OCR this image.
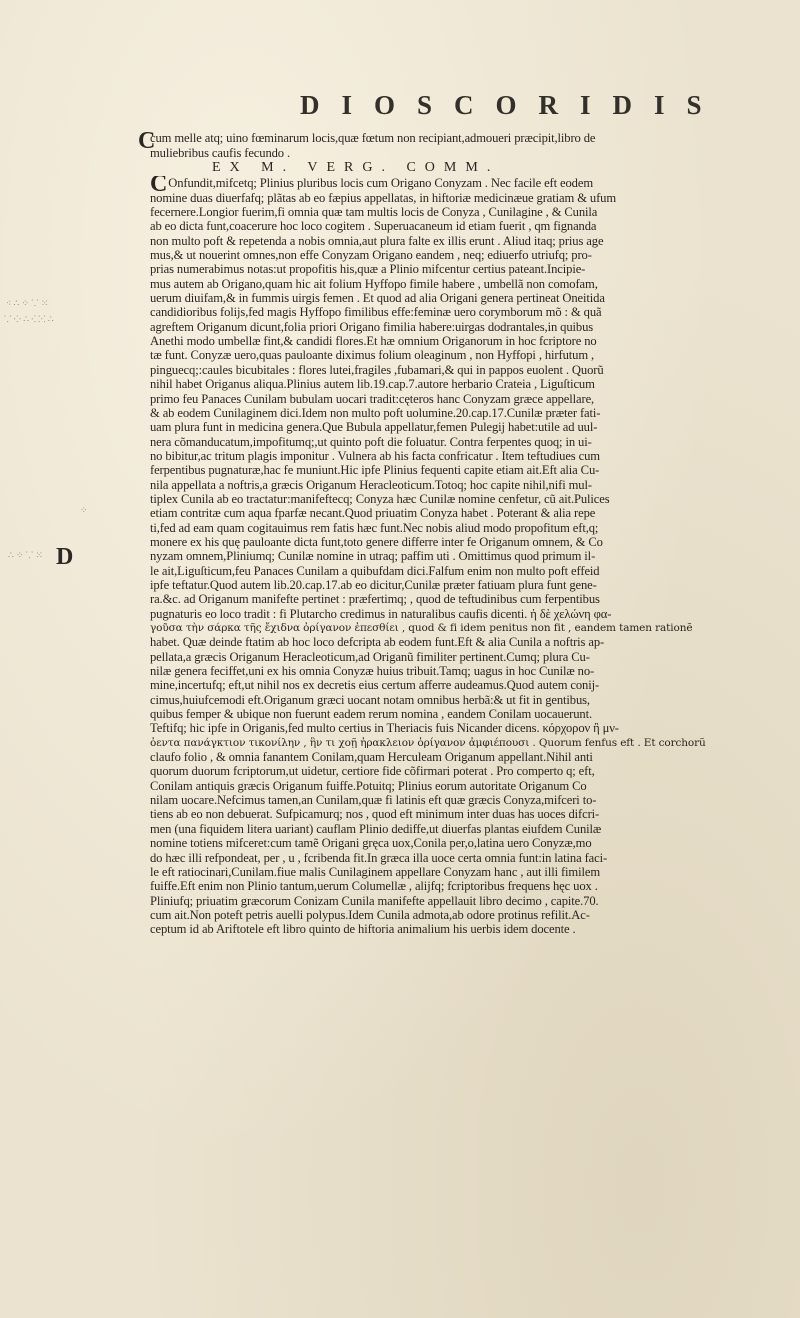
DIOSCORIDIS
C
D
⁖ ∴ ⁘ ⸪ ⁙
⸪ ⁘ ∴ ⁖ ⁙ ∴
⁘
∴ ⁘ ⸪ ⁙
cum melle atq; uino fœminarum locis,quæ fœtum non recipiant,admoueri præcipit,libro de
muliebribus caufis fecundo .
EX M. VERG. COMM.
COnfundit,mifcetq; Plinius pluribus locis cum Origano Conyzam . Nec facile eft eodem
nomine duas diuerfafq; plãtas ab eo fæpius appellatas, in hiftoriæ medicinæue gratiam & ufum
fecernere.Longior fuerim,fi omnia quæ tam multis locis de Conyza , Cunilagine , & Cunila
ab eo dicta funt,coacerure hoc loco cogitem . Superuacaneum id etiam fuerit , qm fignanda
non multo poft & repetenda a nobis omnia,aut plura falte ex illis erunt . Aliud itaq; prius age
mus,& ut nouerint omnes,non effe Conyzam Origano eandem , neq; ediuerfo utriufq; pro-
prias numerabimus notas:ut propofitis his,quæ a Plinio mifcentur certius pateant.Incipie-
mus autem ab Origano,quam hic ait folium Hyffopo fimile habere , umbellã non comofam,
uerum diuifam,& in fummis uirgis femen . Et quod ad alia Origani genera pertineat Oneitida
candidioribus folijs,fed magis Hyffopo fimilibus effe:feminæ uero corymborum mõ : & quã
agreftem Origanum dicunt,folia priori Origano fimilia habere:uirgas dodrantales,in quibus
Anethi modo umbellæ fint,& candidi flores.Et hæ omnium Origanorum in hoc fcriptore no
tæ funt. Conyzæ uero,quas pauloante diximus folium oleaginum , non Hyffopi , hirfutum ,
pinguecq;:caules bicubitales : flores lutei,fragiles ,fubamari,& qui in pappos euolent . Quorũ
nihil habet Origanus aliqua.Plinius autem lib.19.cap.7.autore herbario Crateia , Liguſticum
primo feu Panaces Cunilam bubulam uocari tradit:cęteros hanc Conyzam græce appellare,
& ab eodem Cunilaginem dici.Idem non multo poft uolumine.20.cap.17.Cunilæ præter fati-
uam plura funt in medicina genera.Que Bubula appellatur,femen Pulegij habet:utile ad uul-
nera cõmanducatum,impofitumq;,ut quinto poft die foluatur. Contra ferpentes quoq; in ui-
no bibitur,ac tritum plagis imponitur . Vulnera ab his facta confricatur . Item teftudiues cum
ferpentibus pugnaturæ,hac fe muniunt.Hic ipfe Plinius fequenti capite etiam ait.Eft alia Cu-
nila appellata a noftris,a græcis Origanum Heracleoticum.Totoq; hoc capite nihil,nifi mul-
tiplex Cunila ab eo tractatur:manifeftecq; Conyza hæc Cunilæ nomine cenfetur, cũ ait.Pulices
etiam contritæ cum aqua fparfæ necant.Quod priuatim Conyza habet . Poterant & alia repe
ti,fed ad eam quam cogitauimus rem fatis hæc funt.Nec nobis aliud modo propofitum eft,q;
monere ex his quę pauloante dicta funt,toto genere differre inter fe Origanum omnem, & Co
nyzam omnem,Pliniumq; Cunilæ nomine in utraq; paffim uti . Omittimus quod primum il-
le ait,Liguſticum,feu Panaces Cunilam a quibufdam dici.Falfum enim non multo poft effeid
ipfe teftatur.Quod autem lib.20.cap.17.ab eo dicitur,Cunilæ præter fatiuam plura funt gene-
ra.&c. ad Origanum manifefte pertinet : præfertimq; , quod de teftudinibus cum ferpentibus
pugnaturis eo loco tradit : fi Plutarcho credimus in naturalibus caufis dicenti. ἡ δὲ χελώνη φα-
γοῦσα τὴν σάρκα τῆς ἔχιδνα ὀρίγανον ἐπεσθίει , quod & fi idem penitus non fit , eandem tamen rationẽ
habet. Quæ deinde ftatim ab hoc loco defcripta ab eodem funt.Eft & alia Cunila a noftris ap-
pellata,a græcis Origanum Heracleoticum,ad Origanũ fimiliter pertinent.Cumq; plura Cu-
nilæ genera feciffet,uni ex his omnia Conyzæ huius tribuit.Tamq; uagus in hoc Cunilæ no-
mine,incertufq; eft,ut nihil nos ex decretis eius certum afferre audeamus.Quod autem conij-
cimus,huiufcemodi eft.Origanum græci uocant notam omnibus herbã:& ut fit in gentibus,
quibus femper & ubique non fuerunt eadem rerum nomina , eandem Conilam uocauerunt.
Teftifq; hic ipfe in Origanis,fed multo certius in Theriacis fuis Nicander dicens. κόρχορον ἢ μν-
ὀεντα πανάγκτιον τικονίλην , ἣν τι χοῇ ἡρακλειον ὀρίγανον ἀμφιέπουσι . Quorum fenfus eft . Et corchorũ
claufo folio , & omnia fanantem Conilam,quam Herculeam Origanum appellant.Nihil anti
quorum duorum fcriptorum,ut uidetur, certiore fide cõfirmari poterat . Pro comperto q; eft,
Conilam antiquis græcis Origanum fuiffe.Potuitq; Plinius eorum autoritate Origanum Co
nilam uocare.Nefcimus tamen,an Cunilam,quæ fi latinis eft quæ græcis Conyza,mifceri to-
tiens ab eo non debuerat. Sufpicamurq; nos , quod eft minimum inter duas has uoces difcri-
men (una fiquidem litera uariant) cauflam Plinio dediffe,ut diuerfas plantas eiufdem Cunilæ
nomine totiens mifceret:cum tamẽ Origani gręca uox,Conila per,o,latina uero Conyzæ,mo
do hæc illi refpondeat, per , u , fcribenda fit.In græca illa uoce certa omnia funt:in latina faci-
le eft ratiocinari,Cunilam.fiue malis Cunilaginem appellare Conyzam hanc , aut illi fimilem
fuiffe.Eft enim non Plinio tantum,uerum Columellæ , alijfq; fcriptoribus frequens hęc uox .
Pliniufq; priuatim græcorum Conizam Cunila manifefte appellauit libro decimo , capite.70.
cum ait.Non poteft petris auelli polypus.Idem Cunila admota,ab odore protinus refilit.Ac-
ceptum id ab Ariftotele eft libro quinto de hiftoria animalium his uerbis idem docente .
